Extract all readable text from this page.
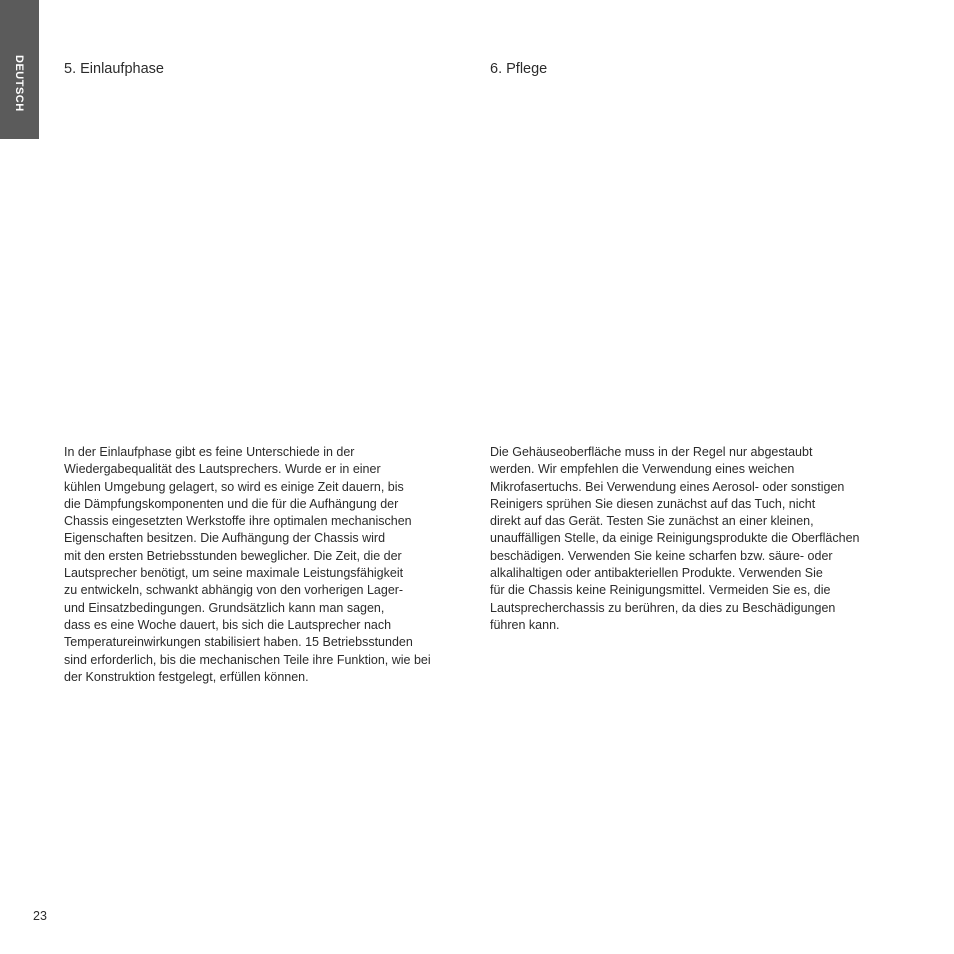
DEUTSCH	5. Einlaufphase	6. Pflege
In der Einlaufphase gibt es feine Unterschiede in der
Wiedergabequalität des Lautsprechers. Wurde er in einer
kühlen Umgebung gelagert, so wird es einige Zeit dauern, bis
die Dämpfungskomponenten und die für die Aufhängung der
Chassis eingesetzten Werkstoffe ihre optimalen mechanischen
Eigenschaften besitzen. Die Aufhängung der Chassis wird
mit den ersten Betriebsstunden beweglicher. Die Zeit, die der
Lautsprecher benötigt, um seine maximale Leistungsfähigkeit
zu entwickeln, schwankt abhängig von den vorherigen Lager-
und Einsatzbedingungen. Grundsätzlich kann man sagen,
dass es eine Woche dauert, bis sich die Lautsprecher nach
Temperatureinwirkungen stabilisiert haben. 15 Betriebsstunden
sind erforderlich, bis die mechanischen Teile ihre Funktion, wie bei
der Konstruktion festgelegt, erfüllen können.
Die Gehäuseoberfläche muss in der Regel nur abgestaubt
werden. Wir empfehlen die Verwendung eines weichen
Mikrofasertuchs. Bei Verwendung eines Aerosol- oder sonstigen
Reinigers sprühen Sie diesen zunächst auf das Tuch, nicht
direkt auf das Gerät. Testen Sie zunächst an einer kleinen,
unauffälligen Stelle, da einige Reinigungsprodukte die Oberflächen
beschädigen. Verwenden Sie keine scharfen bzw. säure- oder
alkalihaltigen oder antibakteriellen Produkte. Verwenden Sie
für die Chassis keine Reinigungsmittel. Vermeiden Sie es, die
Lautsprecherchassis zu berühren, da dies zu Beschädigungen
führen kann.
23
